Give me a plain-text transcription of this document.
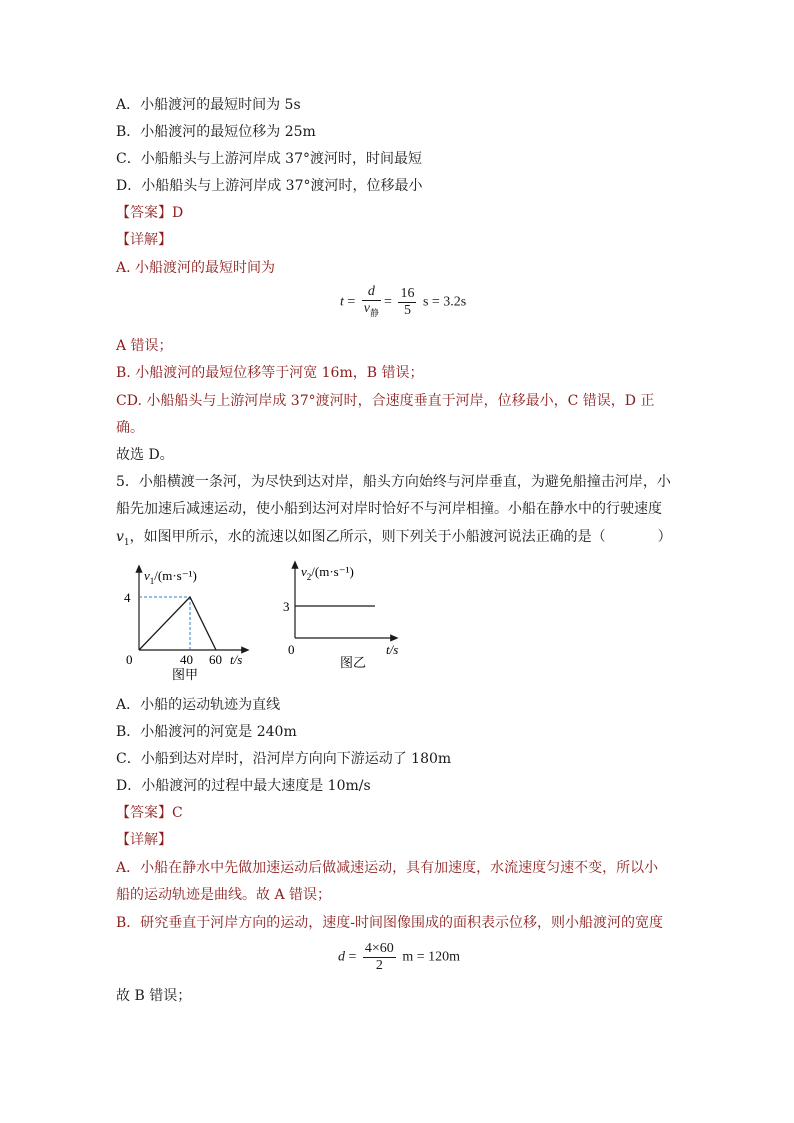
A．小船渡河的最短时间为 5s
B．小船渡河的最短位移为 25m
C．小船船头与上游河岸成 37°渡河时，时间最短
D．小船船头与上游河岸成 37°渡河时，位移最小
【答案】D
【详解】
A. 小船渡河的最短时间为
$t = \frac{d}{v_静} = \frac{16}{5}$ s = 3.2s
A 错误；
B. 小船渡河的最短位移等于河宽 16m，B 错误；
CD. 小船船头与上游河岸成 37°渡河时，合速度垂直于河岸，位移最小，C 错误，D 正
确。
故选 D。
5．小船横渡一条河，为尽快到达对岸，船头方向始终与河岸垂直，为避免船撞击河岸，小
船先加速后减速运动，使小船到达河对岸时恰好不与河岸相撞。小船在静水中的行驶速度
$v_1$，如图甲所示，水的流速以如图乙所示，则下列关于小船渡河说法正确的是（	）
$v_1/(m\cdot s^{-1})$
4
0	40 60 t/s
图甲
$v_2/(m\cdot s^{-1})$
3
0	t/s
图乙
A．小船的运动轨迹为直线
B．小船渡河的河宽是 240m
C．小船到达对岸时，沿河岸方向向下游运动了 180m
D．小船渡河的过程中最大速度是 10m/s
【答案】C
【详解】
A．小船在静水中先做加速运动后做减速运动，具有加速度，水流速度匀速不变，所以小
船的运动轨迹是曲线。故 A 错误；
B．研究垂直于河岸方向的运动，速度-时间图像围成的面积表示位移，则小船渡河的宽度
$d = \frac{4\times 60}{2}$ m = 120m
故 B 错误；
